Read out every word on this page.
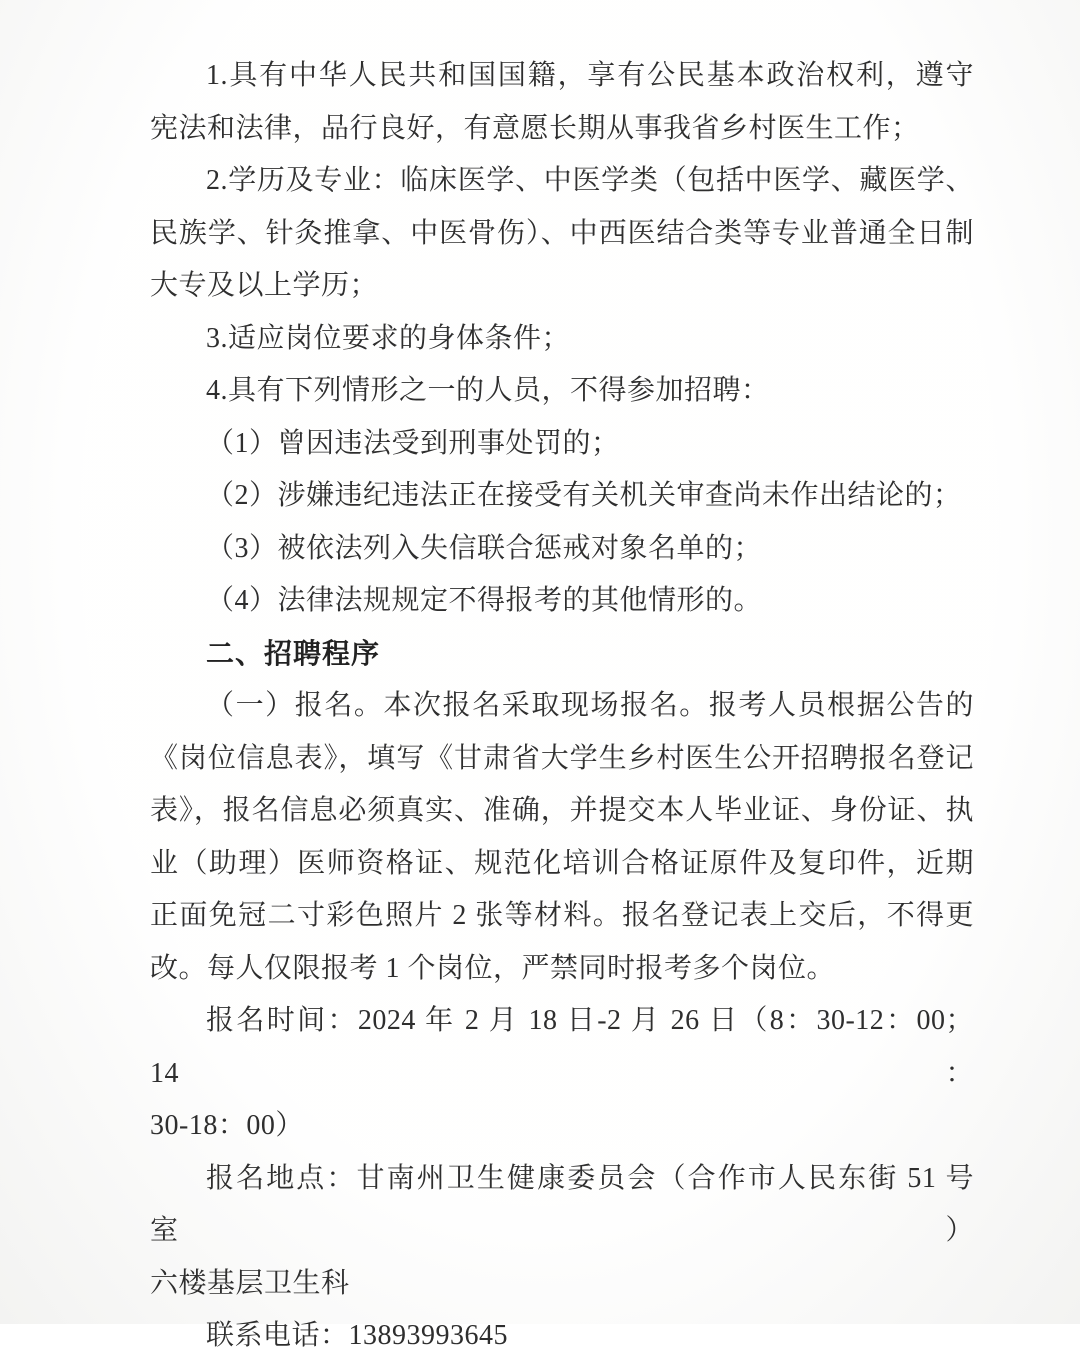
1.具有中华人民共和国国籍，享有公民基本政治权利，遵守
宪法和法律，品行良好，有意愿长期从事我省乡村医生工作；
2.学历及专业：临床医学、中医学类（包括中医学、藏医学、
民族学、针灸推拿、中医骨伤）、中西医结合类等专业普通全日制
大专及以上学历；
3.适应岗位要求的身体条件；
4.具有下列情形之一的人员，不得参加招聘：
（1）曾因违法受到刑事处罚的；
（2）涉嫌违纪违法正在接受有关机关审查尚未作出结论的；
（3）被依法列入失信联合惩戒对象名单的；
（4）法律法规规定不得报考的其他情形的。
二、招聘程序
（一）报名。本次报名采取现场报名。报考人员根据公告的
《岗位信息表》，填写《甘肃省大学生乡村医生公开招聘报名登记
表》，报名信息必须真实、准确，并提交本人毕业证、身份证、执
业（助理）医师资格证、规范化培训合格证原件及复印件，近期
正面免冠二寸彩色照片 2 张等材料。报名登记表上交后，不得更
改。每人仅限报考 1 个岗位，严禁同时报考多个岗位。
报名时间：2024 年 2 月 18 日-2 月 26 日（8：30-12：00；14：
30-18：00）
报名地点：甘南州卫生健康委员会（合作市人民东街 51 号室）
六楼基层卫生科
联系电话：13893993645
